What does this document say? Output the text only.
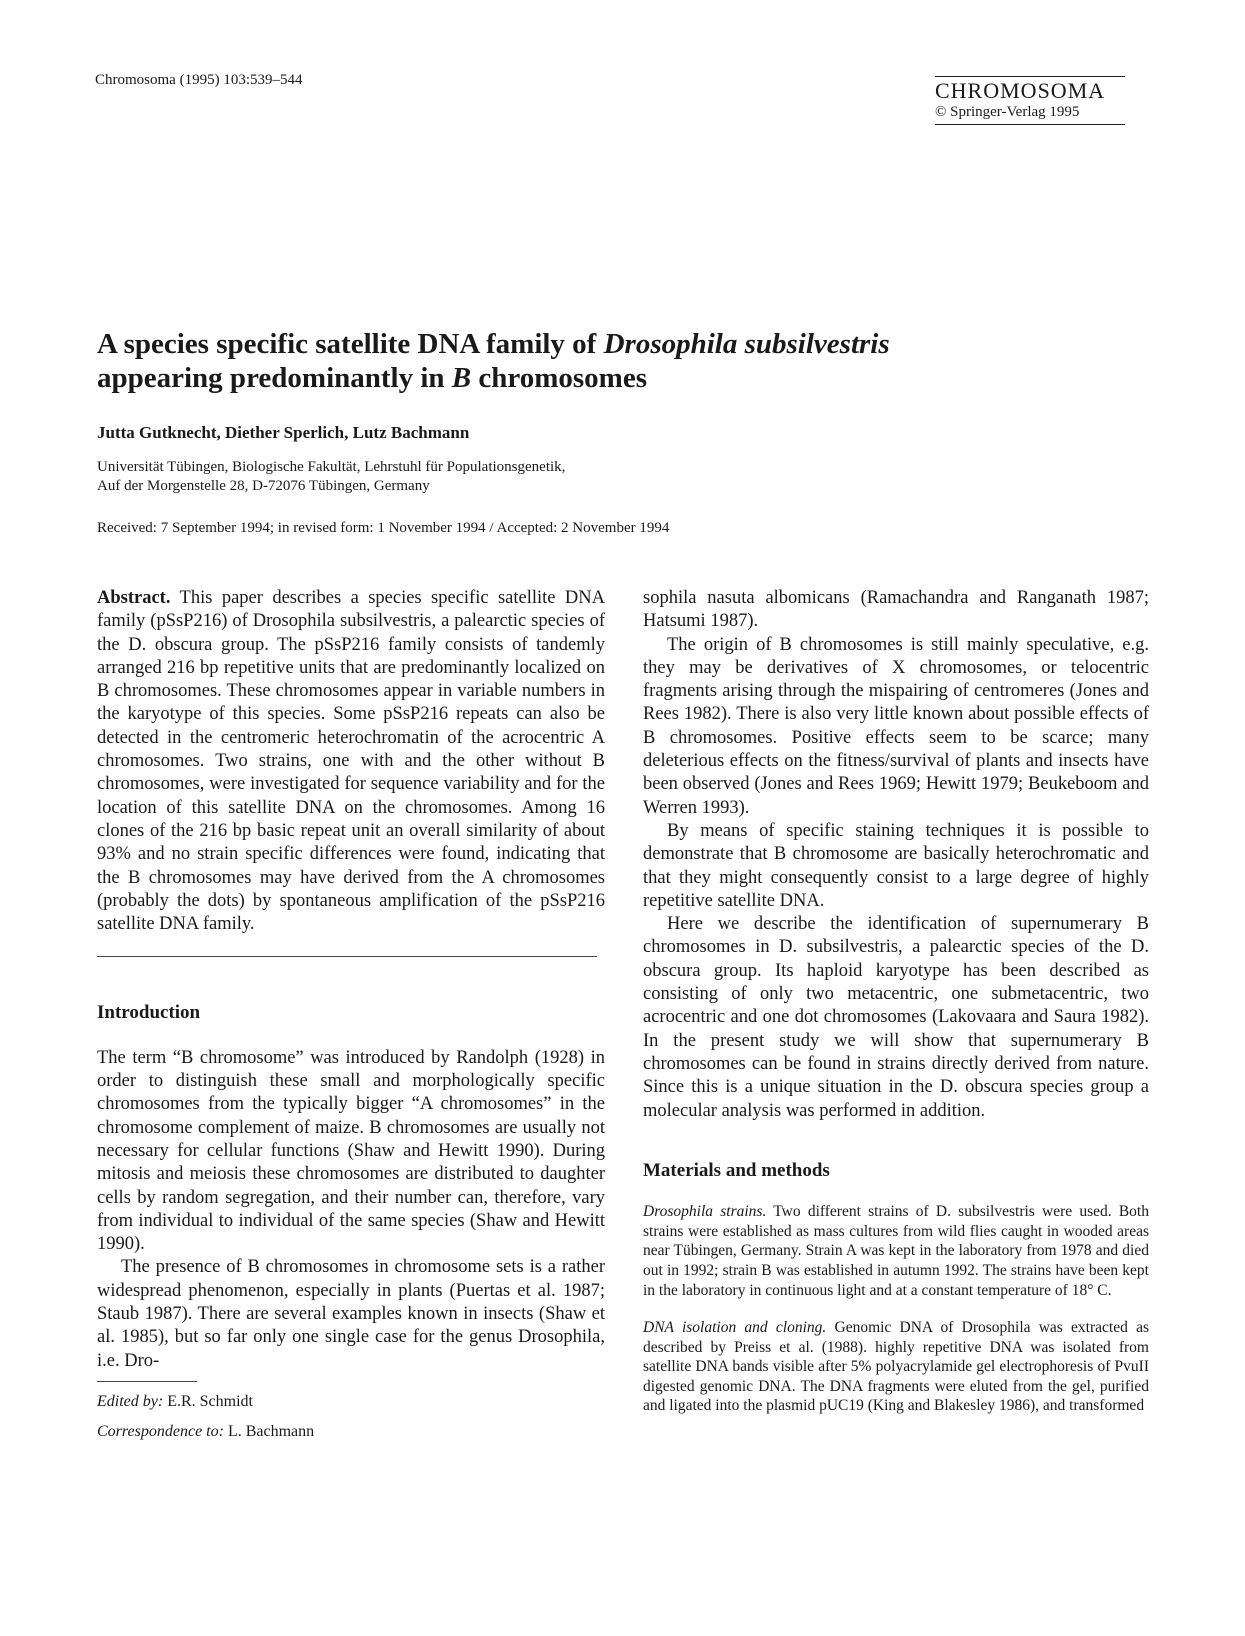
Chromosoma (1995) 103:539–544	CHROMOSOMA
© Springer-Verlag 1995
A species specific satellite DNA family of Drosophila subsilvestris
appearing predominantly in B chromosomes
Jutta Gutknecht, Diether Sperlich, Lutz Bachmann
Universität Tübingen, Biologische Fakultät, Lehrstuhl für Populationsgenetik,
Auf der Morgenstelle 28, D-72076 Tübingen, Germany
Received: 7 September 1994; in revised form: 1 November 1994 / Accepted: 2 November 1994

Abstract. This paper describes a species specific satellite DNA family (pSsP216) of Drosophila subsilvestris, a palearctic species of the D. obscura group. The pSsP216 family consists of tandemly arranged 216 bp repetitive units that are predominantly localized on B chromosomes. These chromosomes appear in variable numbers in the karyotype of this species. Some pSsP216 repeats can also be detected in the centromeric heterochromatin of the acrocentric A chromosomes. Two strains, one with and the other without B chromosomes, were investigated for sequence variability and for the location of this satellite DNA on the chromosomes. Among 16 clones of the 216 bp basic repeat unit an overall similarity of about 93% and no strain specific differences were found, indicating that the B chromosomes may have derived from the A chromosomes (probably the dots) by spontaneous amplification of the pSsP216 satellite DNA family.

Introduction

The term “B chromosome” was introduced by Randolph (1928) in order to distinguish these small and morphologically specific chromosomes from the typically bigger “A chromosomes” in the chromosome complement of maize. B chromosomes are usually not necessary for cellular functions (Shaw and Hewitt 1990). During mitosis and meiosis these chromosomes are distributed to daughter cells by random segregation, and their number can, therefore, vary from individual to individual of the same species (Shaw and Hewitt 1990).

The presence of B chromosomes in chromosome sets is a rather widespread phenomenon, especially in plants (Puertas et al. 1987; Staub 1987). There are several examples known in insects (Shaw et al. 1985), but so far only one single case for the genus Drosophila, i.e. Dro-

Edited by: E.R. Schmidt

Correspondence to: L. Bachmann

sophila nasuta albomicans (Ramachandra and Ranganath 1987; Hatsumi 1987).

The origin of B chromosomes is still mainly speculative, e.g. they may be derivatives of X chromosomes, or telocentric fragments arising through the mispairing of centromeres (Jones and Rees 1982). There is also very little known about possible effects of B chromosomes. Positive effects seem to be scarce; many deleterious effects on the fitness/survival of plants and insects have been observed (Jones and Rees 1969; Hewitt 1979; Beukeboom and Werren 1993).

By means of specific staining techniques it is possible to demonstrate that B chromosome are basically heterochromatic and that they might consequently consist to a large degree of highly repetitive satellite DNA.

Here we describe the identification of supernumerary B chromosomes in D. subsilvestris, a palearctic species of the D. obscura group. Its haploid karyotype has been described as consisting of only two metacentric, one submetacentric, two acrocentric and one dot chromosomes (Lakovaara and Saura 1982). In the present study we will show that supernumerary B chromosomes can be found in strains directly derived from nature. Since this is a unique situation in the D. obscura species group a molecular analysis was performed in addition.

Materials and methods

Drosophila strains. Two different strains of D. subsilvestris were used. Both strains were established as mass cultures from wild flies caught in wooded areas near Tübingen, Germany. Strain A was kept in the laboratory from 1978 and died out in 1992; strain B was established in autumn 1992. The strains have been kept in the laboratory in continuous light and at a constant temperature of 18° C.

DNA isolation and cloning. Genomic DNA of Drosophila was extracted as described by Preiss et al. (1988). highly repetitive DNA was isolated from satellite DNA bands visible after 5% polyacrylamide gel electrophoresis of PvuII digested genomic DNA. The DNA fragments were eluted from the gel, purified and ligated into the plasmid pUC19 (King and Blakesley 1986), and transformed
